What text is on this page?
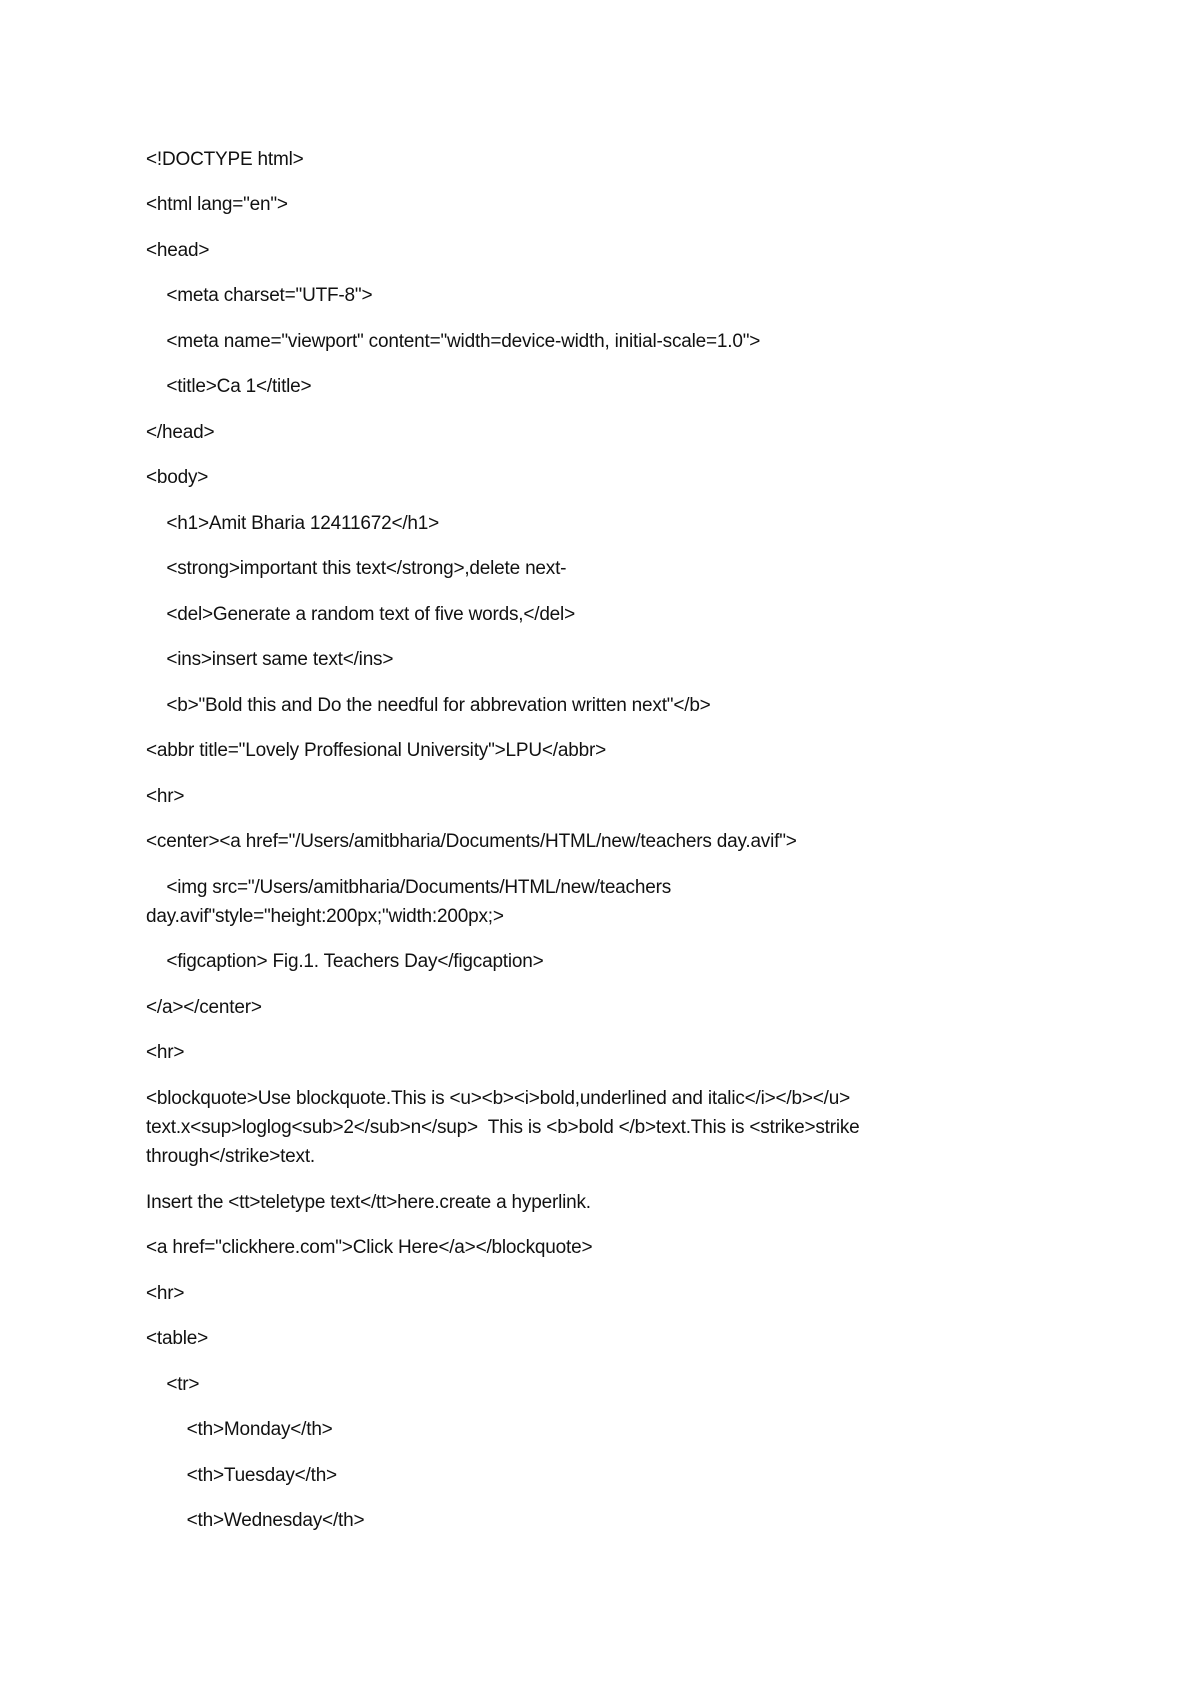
<!DOCTYPE html>
<html lang="en">
<head>
<meta charset="UTF-8">
<meta name="viewport" content="width=device-width, initial-scale=1.0">
<title>Ca 1</title>
</head>
<body>
<h1>Amit Bharia 12411672</h1>
<strong>important this text</strong>,delete next-
<del>Generate a random text of five words,</del>
<ins>insert same text</ins>
<b>"Bold this and Do the needful for abbrevation written next"</b>
<abbr title="Lovely Proffesional University">LPU</abbr>
<hr>
<center><a href="/Users/amitbharia/Documents/HTML/new/teachers day.avif">
<img src="/Users/amitbharia/Documents/HTML/new/teachers
day.avif"style="height:200px;"width:200px;>
<figcaption> Fig.1. Teachers Day</figcaption>
</a></center>
<hr>
<blockquote>Use blockquote.This is <u><b><i>bold,underlined and italic</i></b></u>
text.x<sup>loglog<sub>2</sub>n</sup>  This is <b>bold </b>text.This is <strike>strike
through</strike>text.
Insert the <tt>teletype text</tt>here.create a hyperlink.
<a href="clickhere.com">Click Here</a></blockquote>
<hr>
<table>
<tr>
<th>Monday</th>
<th>Tuesday</th>
<th>Wednesday</th>
